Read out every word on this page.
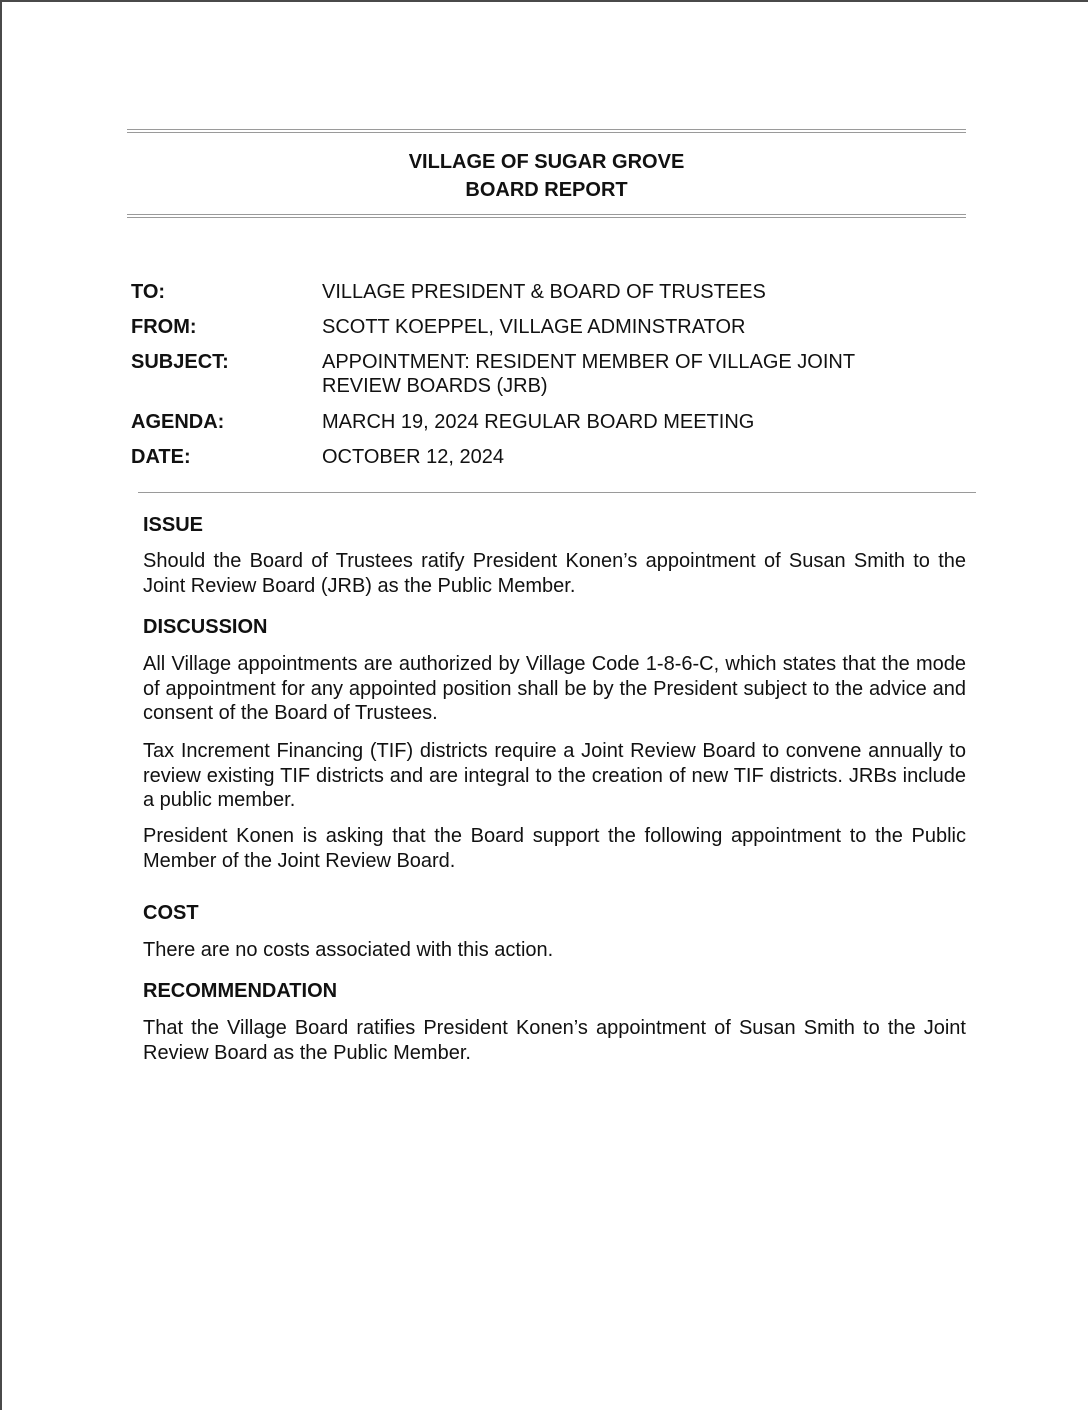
VILLAGE OF SUGAR GROVE
BOARD REPORT
TO:	VILLAGE PRESIDENT & BOARD OF TRUSTEES
FROM:	SCOTT KOEPPEL, VILLAGE ADMINSTRATOR
SUBJECT:	APPOINTMENT: RESIDENT MEMBER OF VILLAGE JOINT
REVIEW BOARDS (JRB)
AGENDA:	MARCH 19, 2024 REGULAR BOARD MEETING
DATE:	OCTOBER 12, 2024
ISSUE

Should the Board of Trustees ratify President Konen’s appointment of Susan Smith to the Joint Review Board (JRB) as the Public Member.

DISCUSSION

All Village appointments are authorized by Village Code 1-8-6-C, which states that the mode of appointment for any appointed position shall be by the President subject to the advice and consent of the Board of Trustees.

Tax Increment Financing (TIF) districts require a Joint Review Board to convene annually to review existing TIF districts and are integral to the creation of new TIF districts. JRBs include a public member.

President Konen is asking that the Board support the following appointment to the Public Member of the Joint Review Board.

COST

There are no costs associated with this action.

RECOMMENDATION

That the Village Board ratifies President Konen’s appointment of Susan Smith to the Joint Review Board as the Public Member.
